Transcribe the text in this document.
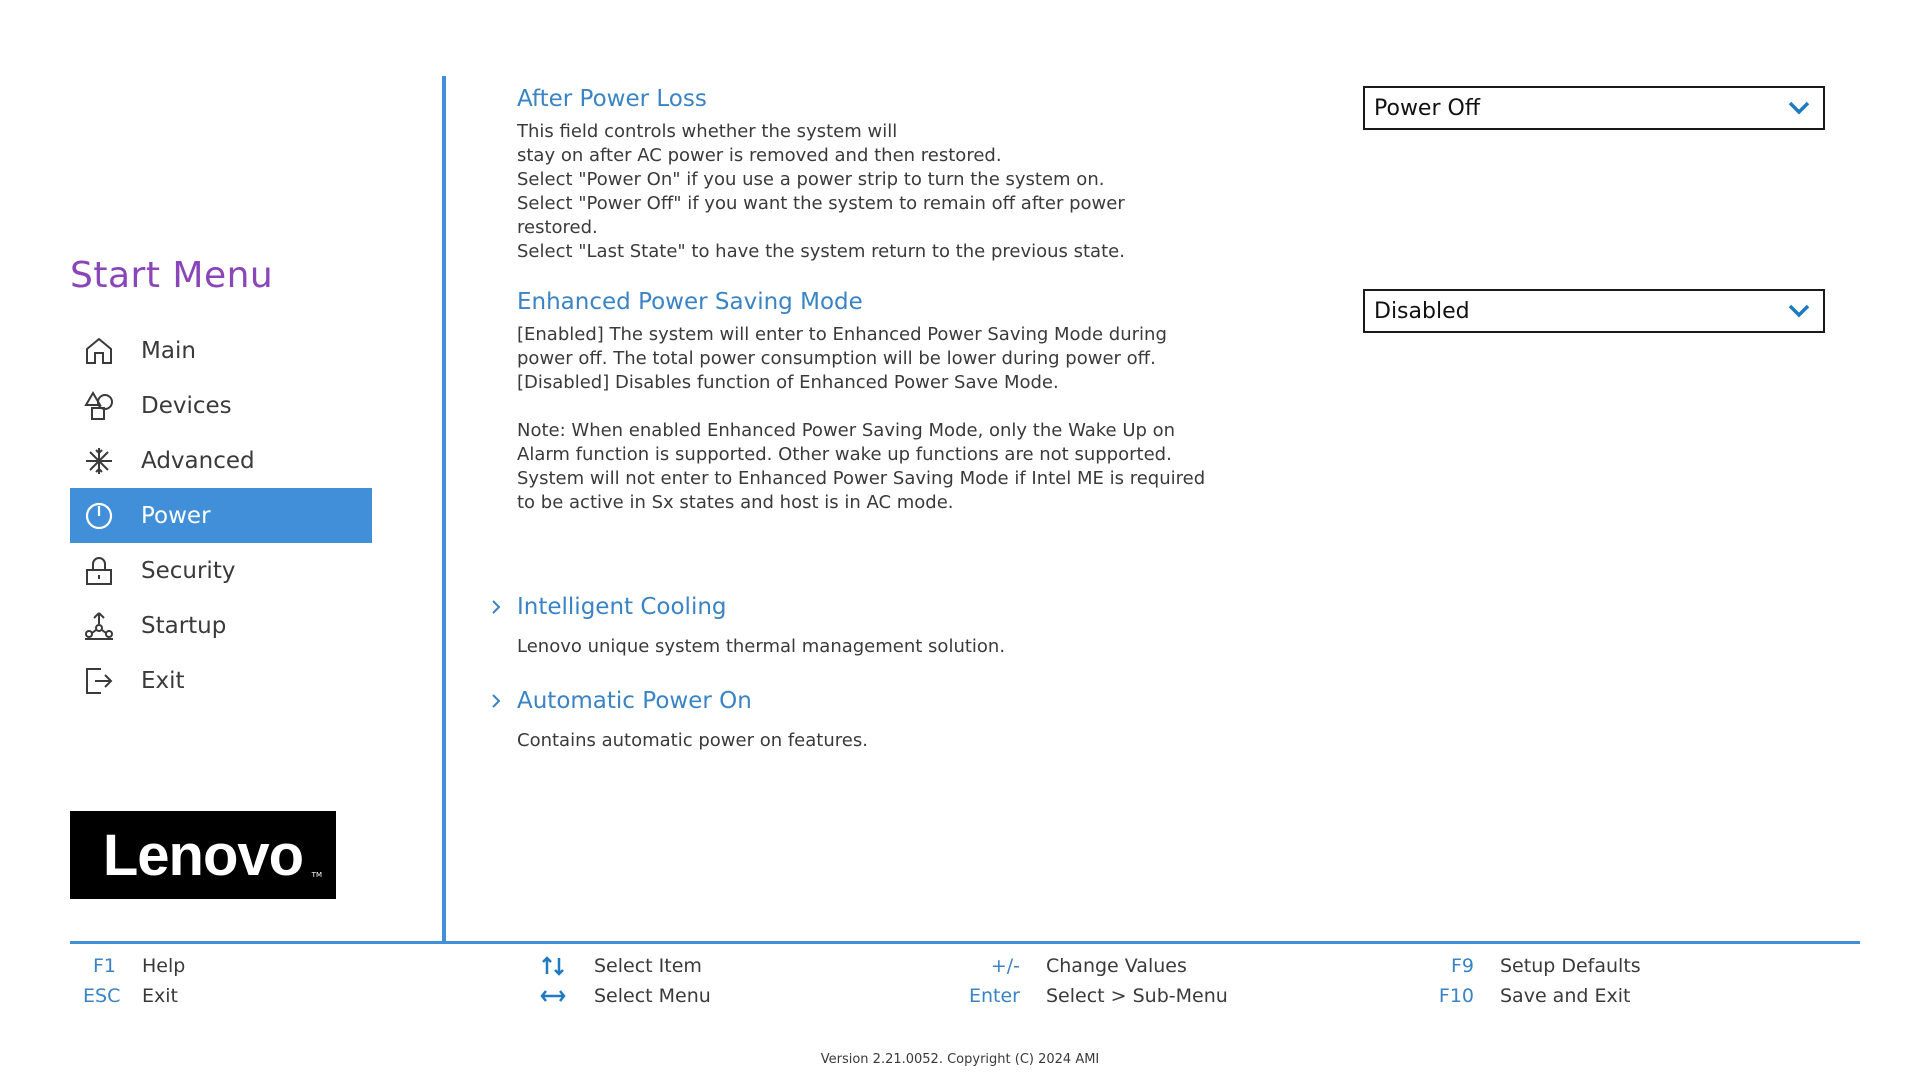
Start Menu
Main
Devices
Advanced
Power
Security
Startup
Exit
Lenovo TM
After Power Loss
This field controls whether the system will
stay on after AC power is removed and then restored.
Select "Power On" if you use a power strip to turn the system on.
Select "Power Off" if you want the system to remain off after power
restored.
Select "Last State" to have the system return to the previous state.
Power Off
Enhanced Power Saving Mode
[Enabled] The system will enter to Enhanced Power Saving Mode during
power off. The total power consumption will be lower during power off.
[Disabled] Disables function of Enhanced Power Save Mode.

Note: When enabled Enhanced Power Saving Mode, only the Wake Up on
Alarm function is supported. Other wake up functions are not supported.
System will not enter to Enhanced Power Saving Mode if Intel ME is required
to be active in Sx states and host is in AC mode.
Disabled
Intelligent Cooling
Lenovo unique system thermal management solution.
Automatic Power On
Contains automatic power on features.
F1 Help
ESC	Exit
Select Item
Select Menu
+/- Change Values
Enter Select > Sub-Menu
F9 Setup Defaults
F10 Save and Exit
Version 2.21.0052. Copyright (C) 2024 AMI
